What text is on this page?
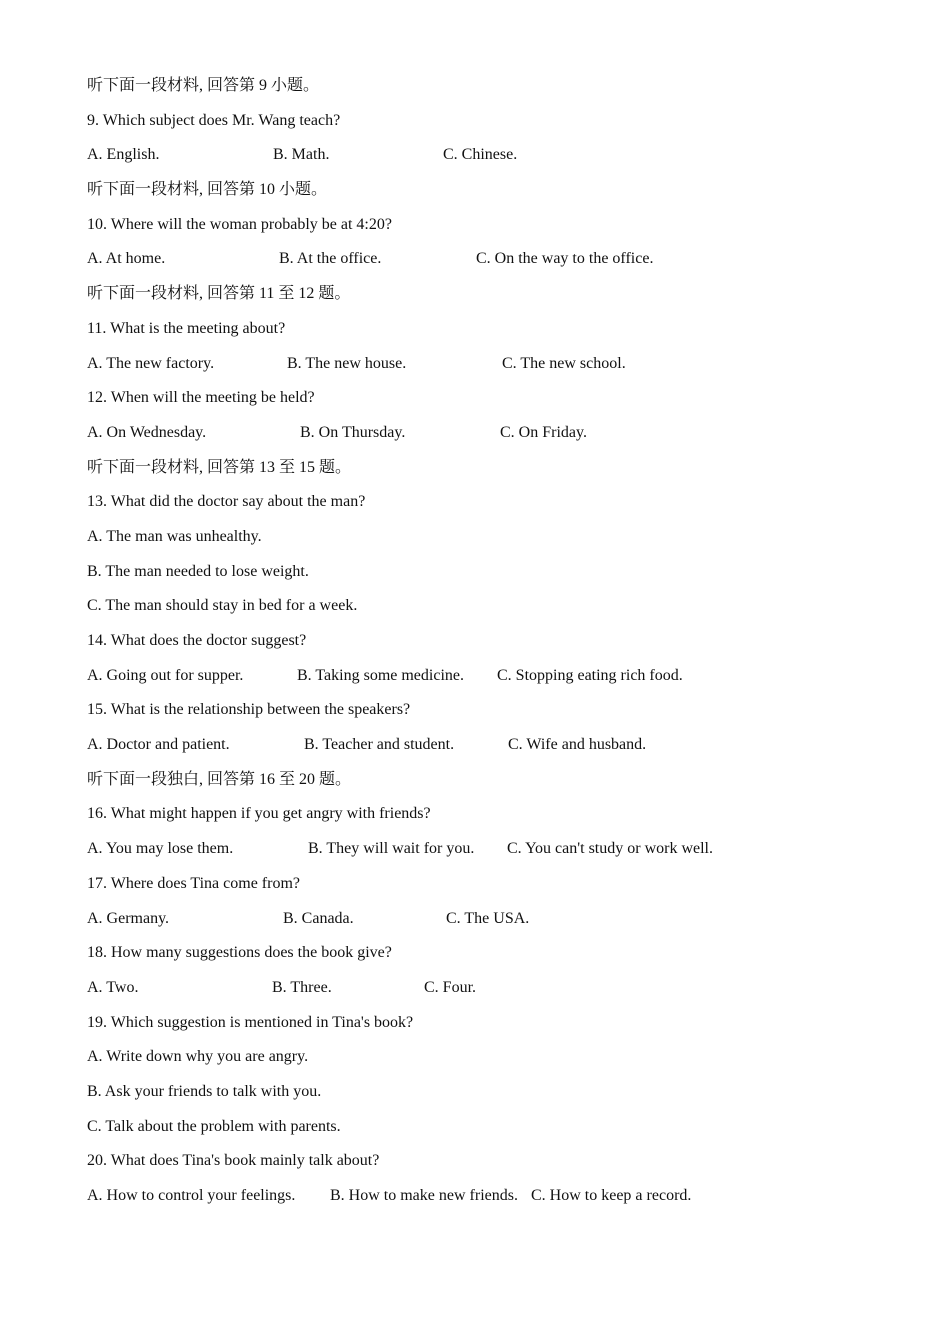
听下面一段材料, 回答第 9 小题。
9. Which subject does Mr. Wang teach?
A. English.	B. Math.	C. Chinese.
听下面一段材料, 回答第 10 小题。
10. Where will the woman probably be at 4:20?
A. At home.	B. At the office.	C. On the way to the office.
听下面一段材料, 回答第 11 至 12 题。
11. What is the meeting about?
A. The new factory.	B. The new house.	C. The new school.
12. When will the meeting be held?
A. On Wednesday.	B. On Thursday.	C. On Friday.
听下面一段材料, 回答第 13 至 15 题。
13. What did the doctor say about the man?
A. The man was unhealthy.
B. The man needed to lose weight.
C. The man should stay in bed for a week.
14. What does the doctor suggest?
A. Going out for supper.	B. Taking some medicine. C. Stopping eating rich food.
15. What is the relationship between the speakers?
A. Doctor and patient.	B. Teacher and student.	C. Wife and husband.
听下面一段独白, 回答第 16 至 20 题。
16. What might happen if you get angry with friends?
A. You may lose them.	B. They will wait for you. C. You can't study or work well.
17. Where does Tina come from?
A. Germany.	B. Canada.	C. The USA.
18. How many suggestions does the book give?
A. Two.	B. Three.	C. Four.
19. Which suggestion is mentioned in Tina's book?
A. Write down why you are angry.
B. Ask your friends to talk with you.
C. Talk about the problem with parents.
20. What does Tina's book mainly talk about?
A. How to control your feelings. B. How to make new friends. C. How to keep a record.
